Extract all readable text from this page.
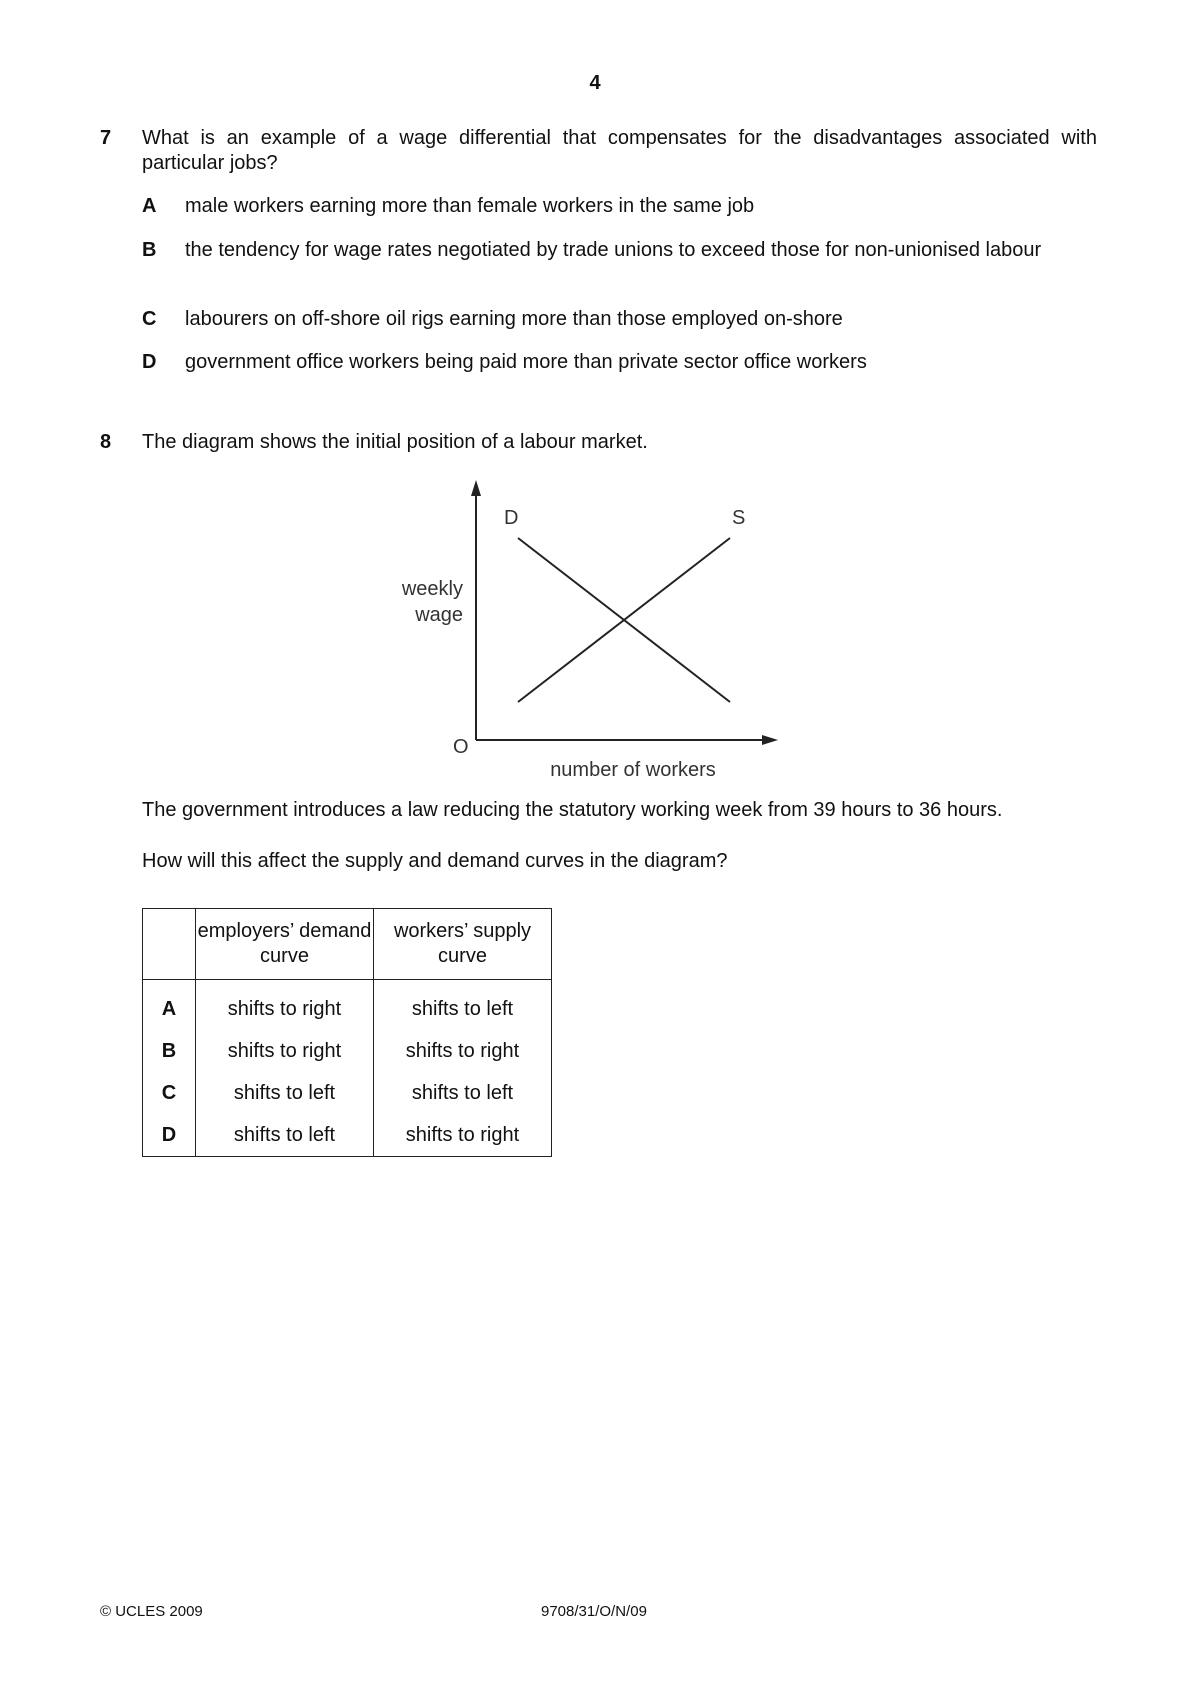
4
7	What is an example of a wage differential that compensates for the disadvantages associated with particular jobs?
A male workers earning more than female workers in the same job
B the tendency for wage rates negotiated by trade unions to exceed those for non-unionised labour
C labourers on off-shore oil rigs earning more than those employed on-shore
D government office workers being paid more than private sector office workers
8	The diagram shows the initial position of a labour market.
D	S
weekly
wage
O
number of workers
The government introduces a law reducing the statutory working week from 39 hours to 36 hours.
How will this affect the supply and demand curves in the diagram?
	employers’ demand curve	workers’ supply curve
A	shifts to right	shifts to left
B	shifts to right	shifts to right
C	shifts to left	shifts to left
D	shifts to left	shifts to right
© UCLES 2009	9708/31/O/N/09
